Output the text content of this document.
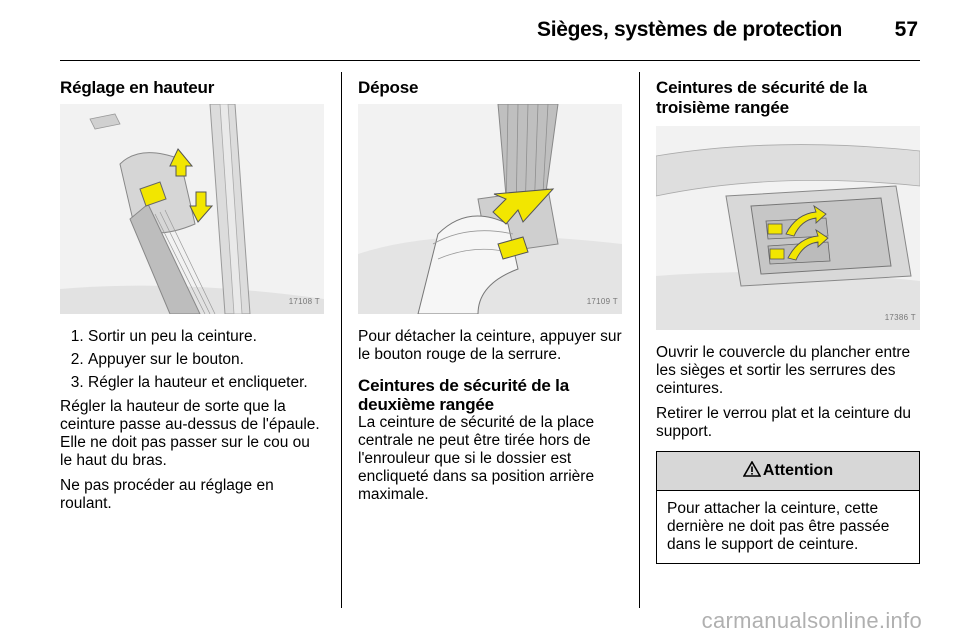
Sièges, systèmes de protection	57
Réglage en hauteur
17108 T
1. Sortir un peu la ceinture.
2. Appuyer sur le bouton.
3. Régler la hauteur et encliqueter.

Régler la hauteur de sorte que la ceinture passe au-dessus de l'épaule. Elle ne doit pas passer sur le cou ou le haut du bras.

Ne pas procéder au réglage en roulant.

Dépose
17109 T

Pour détacher la ceinture, appuyer sur le bouton rouge de la serrure.

Ceintures de sécurité de la deuxième rangée

La ceinture de sécurité de la place centrale ne peut être tirée hors de l'enrouleur que si le dossier est encliqueté dans sa position arrière maximale.

Ceintures de sécurité de la troisième rangée
17386 T

Ouvrir le couvercle du plancher entre les sièges et sortir les serrures des ceintures.

Retirer le verrou plat et la ceinture du support.

Attention
Pour attacher la ceinture, cette dernière ne doit pas être passée dans le support de ceinture.
carmanualsonline.info
